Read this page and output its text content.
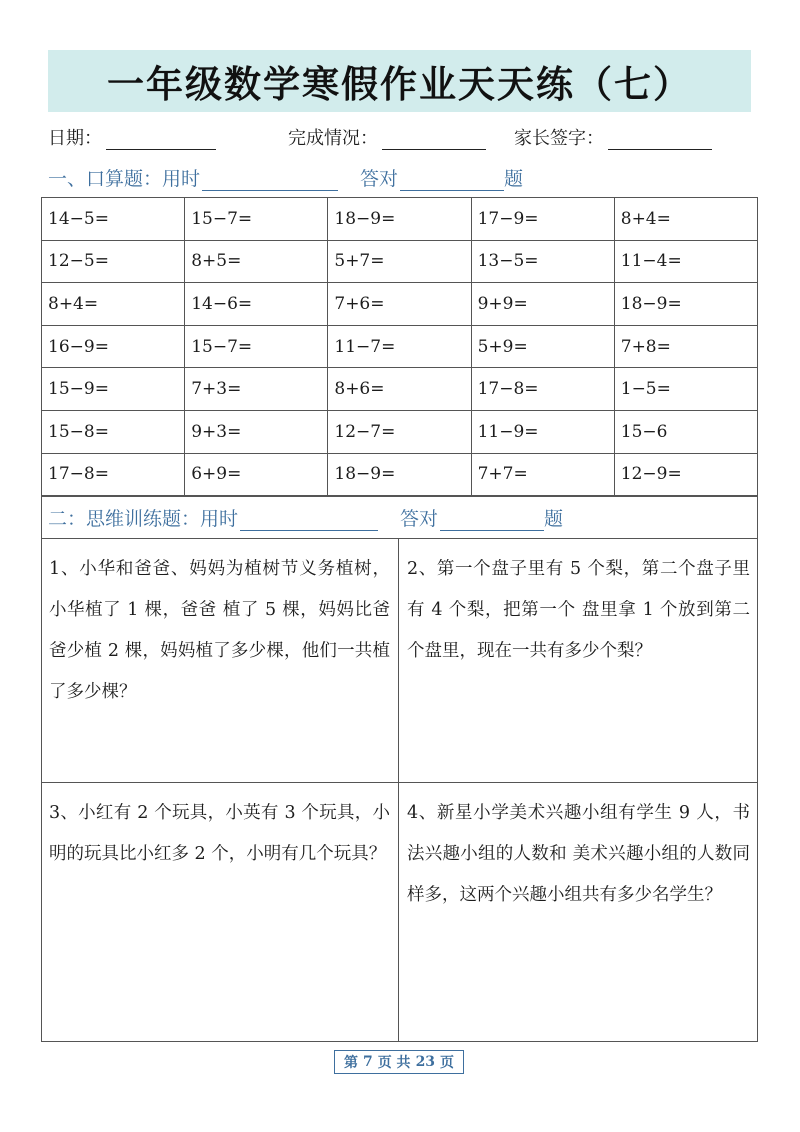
一年级数学寒假作业天天练（七）
日期：	完成情况：	家长签字：
一、口算题：用时	答对	题
14−5=	15−7=	18−9=	17−9=	8+4=
12−5=	8+5=	5+7=	13−5=	11−4=
8+4=	14−6=	7+6=	9+9=	18−9=
16−9=	15−7=	11−7=	5+9=	7+8=
15−9=	7+3=	8+6=	17−8=	1−5=
15−8=	9+3=	12−7=	11−9=	15−6
17−8=	6+9=	18−9=	7+7=	12−9=
二：思维训练题：用时	答对	题
1、小华和爸爸、妈妈为植树节义务植树，小华植了 1 棵，爸爸 植了 5 棵，妈妈比爸爸少植 2 棵，妈妈植了多少棵，他们一共植 了多少棵？
2、第一个盘子里有 5 个梨，第二个盘子里有 4 个梨，把第一个 盘里拿 1 个放到第二个盘里，现在一共有多少个梨？
3、小红有 2 个玩具，小英有 3 个玩具，小明的玩具比小红多 2 个，小明有几个玩具？
4、新星小学美术兴趣小组有学生 9 人，书法兴趣小组的人数和 美术兴趣小组的人数同样多，这两个兴趣小组共有多少名学生？
第 7 页 共 23 页
